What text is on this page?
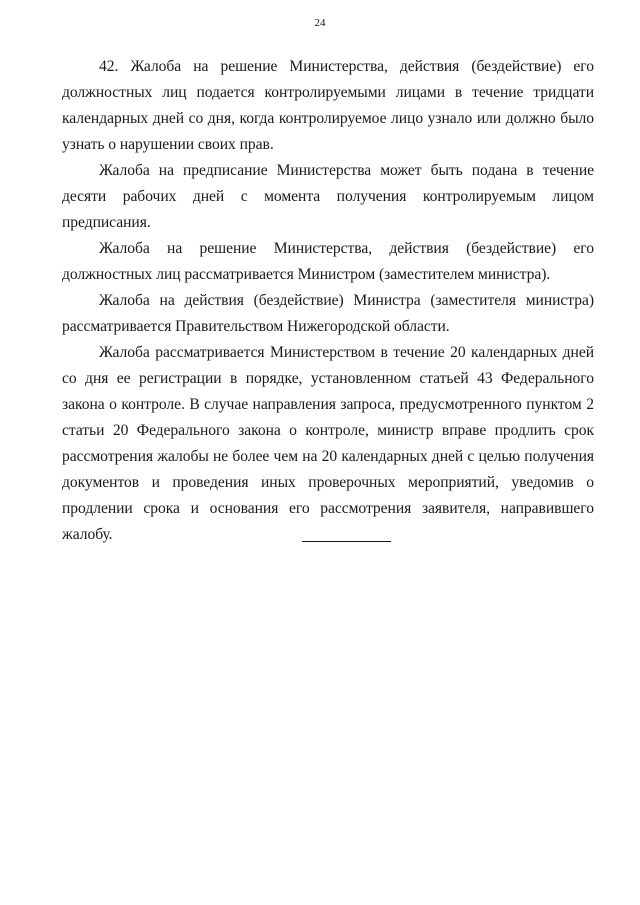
24

42. Жалоба на решение Министерства, действия (бездействие) его должностных лиц подается контролируемыми лицами в течение тридцати календарных дней со дня, когда контролируемое лицо узнало или должно было узнать о нарушении своих прав.

Жалоба на предписание Министерства может быть подана в течение десяти рабочих дней с момента получения контролируемым лицом предписания.

Жалоба на решение Министерства, действия (бездействие) его должностных лиц рассматривается Министром (заместителем министра).

Жалоба на действия (бездействие) Министра (заместителя министра) рассматривается Правительством Нижегородской области.

Жалоба рассматривается Министерством в течение 20 календарных дней со дня ее регистрации в порядке, установленном статьей 43 Федерального закона о контроле. В случае направления запроса, предусмотренного пунктом 2 статьи 20 Федерального закона о контроле, министр вправе продлить срок рассмотрения жалобы не более чем на 20 календарных дней с целью получения документов и проведения иных проверочных мероприятий, уведомив о продлении срока и основания его рассмотрения заявителя, направившего жалобу.
